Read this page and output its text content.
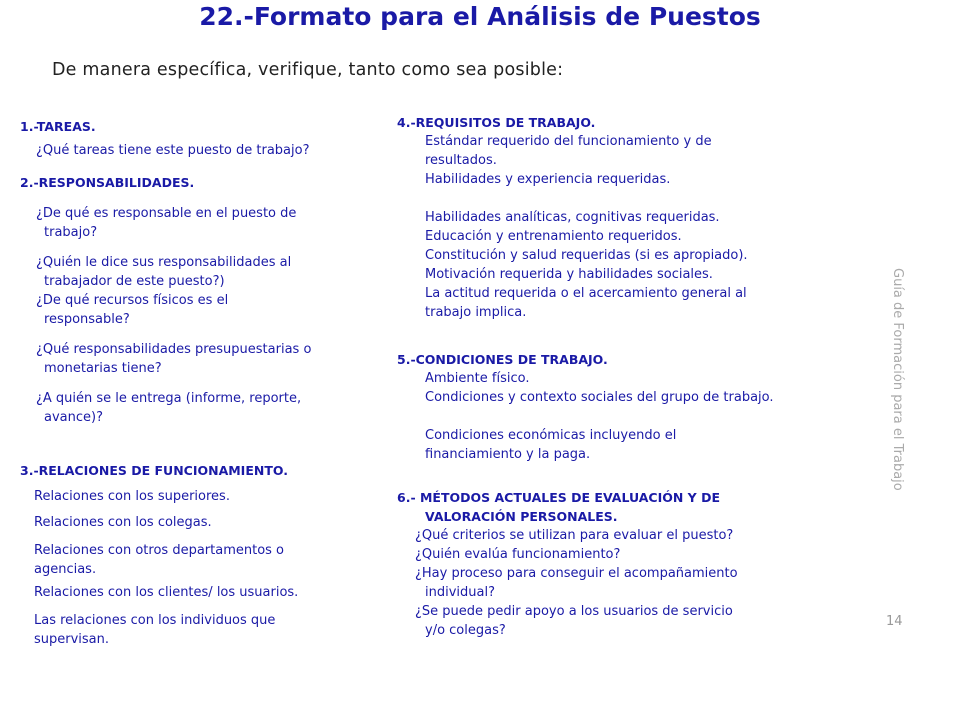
22.-Formato para el Análisis de Puestos
De manera específica, verifique, tanto como sea posible:
1.-TAREAS.
¿Qué tareas tiene este puesto de trabajo?
2.-RESPONSABILIDADES.
¿De qué es responsable en el puesto de
trabajo?
¿Quién le dice sus responsabilidades al
trabajador de este puesto?)
¿De qué recursos físicos es el
responsable?
¿Qué responsabilidades presupuestarias o
monetarias tiene?
¿A quién se le entrega (informe, reporte,
avance)?
3.-RELACIONES DE FUNCIONAMIENTO.
Relaciones con los superiores.
Relaciones con los colegas.
Relaciones con otros departamentos o
agencias.
Relaciones con los clientes/ los usuarios.
Las relaciones con los individuos que
supervisan.
4.-REQUISITOS DE TRABAJO.
Estándar requerido del funcionamiento y de
resultados.
Habilidades y experiencia requeridas.
Habilidades analíticas, cognitivas requeridas.
Educación y entrenamiento requeridos.
Constitución y salud requeridas (si es apropiado).
Motivación requerida y habilidades sociales.
La actitud requerida o el acercamiento general al
trabajo implica.
5.-CONDICIONES DE TRABAJO.
Ambiente físico.
Condiciones y contexto sociales del grupo de trabajo.
Condiciones económicas incluyendo el
financiamiento y la paga.
6.- MÉTODOS ACTUALES DE EVALUACIÓN Y DE
VALORACIÓN PERSONALES.
¿Qué criterios se utilizan para evaluar el puesto?
¿Quién evalúa funcionamiento?
¿Hay proceso para conseguir el acompañamiento
individual?
¿Se puede pedir apoyo a los usuarios de servicio
y/o colegas?
Guía de Formación para el Trabajo
14
